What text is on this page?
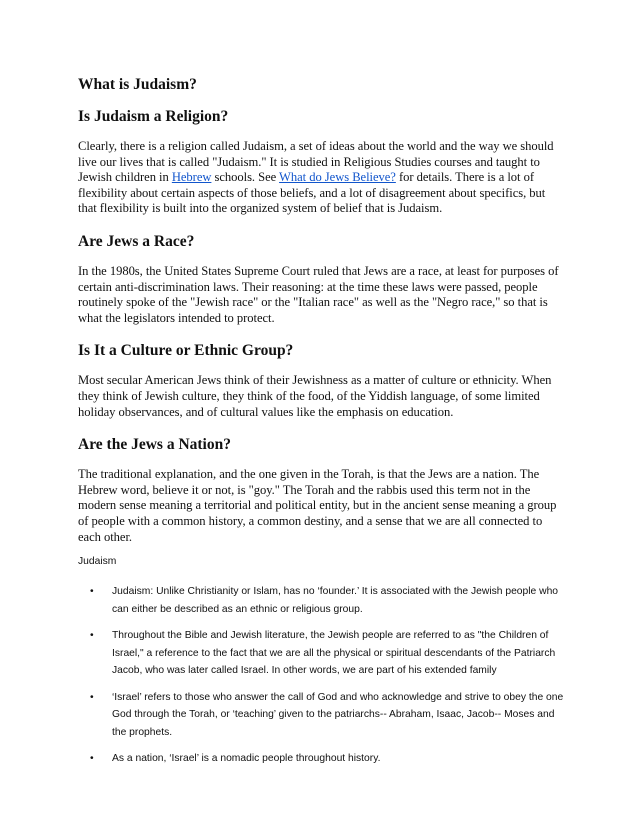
What is Judaism?
Is Judaism a Religion?

Clearly, there is a religion called Judaism, a set of ideas about the world and the way we should live our lives that is called "Judaism." It is studied in Religious Studies courses and taught to Jewish children in Hebrew schools. See What do Jews Believe? for details. There is a lot of flexibility about certain aspects of those beliefs, and a lot of disagreement about specifics, but that flexibility is built into the organized system of belief that is Judaism.

Are Jews a Race?

In the 1980s, the United States Supreme Court ruled that Jews are a race, at least for purposes of certain anti-discrimination laws. Their reasoning: at the time these laws were passed, people routinely spoke of the "Jewish race" or the "Italian race" as well as the "Negro race," so that is what the legislators intended to protect.

Is It a Culture or Ethnic Group?

Most secular American Jews think of their Jewishness as a matter of culture or ethnicity. When they think of Jewish culture, they think of the food, of the Yiddish language, of some limited holiday observances, and of cultural values like the emphasis on education.

Are the Jews a Nation?

The traditional explanation, and the one given in the Torah, is that the Jews are a nation. The Hebrew word, believe it or not, is "goy." The Torah and the rabbis used this term not in the modern sense meaning a territorial and political entity, but in the ancient sense meaning a group of people with a common history, a common destiny, and a sense that we are all connected to each other.

Judaism
• Judaism: Unlike Christianity or Islam, has no ‘founder.’ It is associated with the Jewish people who can either be described as an ethnic or religious group.
• Throughout the Bible and Jewish literature, the Jewish people are referred to as "the Children of Israel," a reference to the fact that we are all the physical or spiritual descendants of the Patriarch Jacob, who was later called Israel. In other words, we are part of his extended family
• ‘Israel’ refers to those who answer the call of God and who acknowledge and strive to obey the one God through the Torah, or ‘teaching’ given to the patriarchs-- Abraham, Isaac, Jacob-- Moses and the prophets.
• As a nation, ‘Israel’ is a nomadic people throughout history.
